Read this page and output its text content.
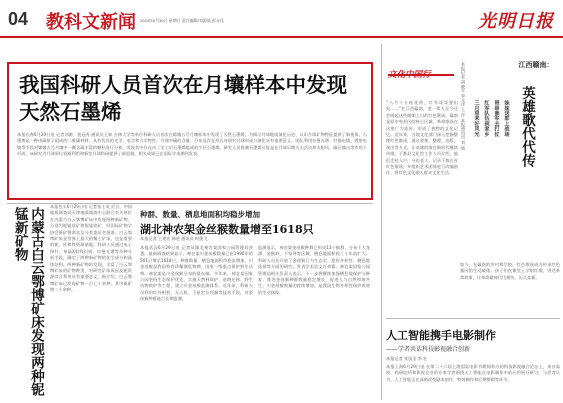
04 教科文新闻 2024年6月30日 星期日 责任编辑/刘源晨 彭永佳	光明日报
我国科研人员首次在月壤样本中发现天然石墨烯
本报长春6月29日电 记者刘源、裴冠秀 通讯员王泰 吉林大学等单位科研人员首次在嫦娥五号月壤样本中发现了天然石墨烯，为揭示月球地质演化历史、认识月球矿物特征提供了新视角。石墨烯是一种由碳原子组成的二维碳材料，具有优异的光学、电学和力学特性。月球中碳的含量、分布及存在形式对研究月球形成与演化具有重要意义。团队利用拉曼光谱、扫描电镜、透射电镜等手段对嫦娥五号月壤中一颗含碳丰富的颗粒进行分析，发现其中存在由二至七层石墨烯组成的少层石墨烯。研究人员推测石墨烯可能是在月球早期火山活动和太阳风、陨石撞击等作用下形成。该研究为月球原位资源利用和新型月球科研提供了新思路，相关成果已在国际学术期刊发表。
内蒙古白云鄂博矿床发现两种铌锰新矿物
本报包头6月29日电 记者张士英 近日，中国地质调查局天津地质调查中心联合有关单位在内蒙古白云鄂博矿床中发现两种新矿物，分别为铌锰钛矿和铌锰铁矿，经国际矿物学协会新矿物命名及分类委员会批准。白云鄂博矿床是世界上最大的稀土矿床，也是重要的铌、钍和铁资源基地。科研人员通过电子探针、单晶X射线衍射、拉曼光谱等多种分析手段，确定了两种新矿物的化学成分和晶体结构。两种新矿物的发现，丰富了白云鄂博矿床的矿物种类，对研究矿床成因及铌资源综合利用具有重要意义。据介绍，白云鄂博矿床已发现矿物一百七十余种，其中新矿物二十余种。
种群、数量、栖息地面积均稳步增加
湖北神农架金丝猴数量增至1618只
本报记者 王建宏 韩进 通讯员 柯俊飞
本报武汉6月29日电 记者从湖北神农架国家公园管理局获悉，最新调查结果显示，神农架川金丝猴数量已由1990年的501只增至1618只，种群数量、栖息地面积均稳步增加。川金丝猴是我国特有珍稀濒危物种，国家一级重点保护野生动物。神农架是川金丝猴分布的最东端。多年来，神农架国家公园坚持生态保护优先，实施天然林保护、退耕还林、野生动物救护等工程，建立川金丝猴监测体系。近年来，科研人员利用红外相机、无人机、卫星定位项圈等技术手段，对金丝猴种群进行长期监测。
监测显示，神农架金丝猴种群已形成13个猴群，分布于大龙潭、金猴岭、千家坪等区域，栖息地面积较三十年前扩大。科研人员还开展了金丝猴行为生态学、遗传多样性、栖息地选择等方面的研究，发表学术论文百余篇。神农架国家公园管理局相关负责人表示，下一步将继续加强栖息地保护与修复，推进金丝猴种群数量稳定增长，促进人与自然和谐共生。川金丝猴数量的持续增加，是我国生物多样性保护成效的生动体现。
本报记者 胡晓军 李元泽 王 洋 本报通讯员 刘 斌 三月里来好风光 红军队伍到家乡 哥哥参军去打仗 妹妹送郎上战场
江西赣南：
英雄歌代代传
“八月十五桂花香，红军哥哥要出发……”在江西赣南，老一辈人至今还会唱起这些朗朗上口的红色歌谣。赣南是原中央苏区的核心区域，革命歌谣在这里广为流传，形成了独特的文化记忆。近年来，当地文化部门深入挖掘整理红色歌谣，通过收集、整理、出版、演出等方式，让英雄的歌在新时代继续传唱。于都县文化馆工作人员介绍，他们走村入户，寻访老人，记录下数百首红色歌谣，并组织艺术团体进行改编创作，将红色文化融入群众文化生活。
如今，在赣南的乡村和学校，红色歌谣成为传承红色基因的生动载体。孩子们在课堂上学唱红歌，讲述革命故事，让革命精神代代相传、历久弥新。
人工智能携手电影制作
——学者共话科技影视融合创新
本报记者 张国圣 李 宏
本报上海6月29日电 在第二十六届上海国际电影节期间举办的科技影视融合论坛上，来自高校、科研院所和影视企业的专家学者围绕人工智能在电影制作中的应用展开研讨。与会者认为，人工智能正在深刻改变剧本创作、特效制作和后期剪辑等环节。
